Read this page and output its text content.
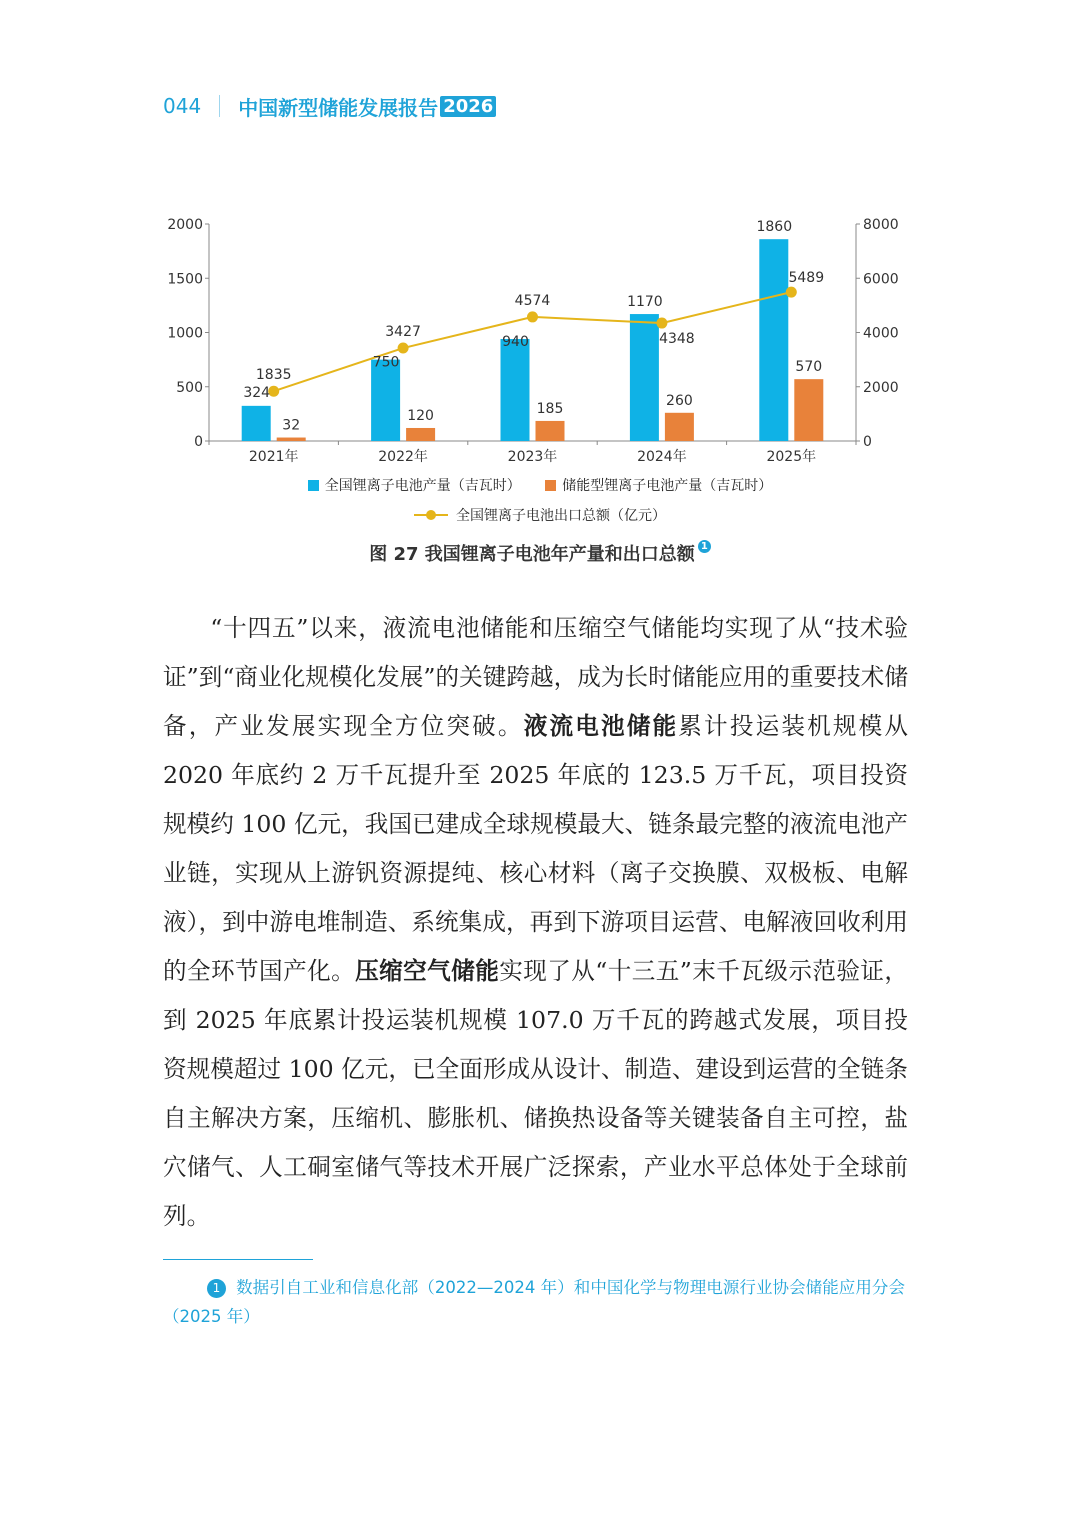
044 中国新型储能发展报告 2026
0
500
1000
1500
2000
0
2000
4000
6000
8000
2021年	2022年	2023年	2024年	2025年
32
120	185
260
570
324
1835
750
3427
940
4574	1170
4348
1860
5489
全国锂离子电池产量（吉瓦时）
	储能型锂离子电池产量（吉瓦时）
全国锂离子电池出口总额（亿元）
图 27 我国锂离子电池年产量和出口总额 1

“十四五”以来，液流电池储能和压缩空气储能均实现了从“技术验证”到“商业化规模化发展”的关键跨越，成为长时储能应用的重要技术储备，产业发展实现全方位突破。液流电池储能累计投运装机规模从 2020 年底约 2 万千瓦提升至 2025 年底的 123.5 万千瓦，项目投资规模约 100 亿元，我国已建成全球规模最大、链条最完整的液流电池产业链，实现从上游钒资源提纯、核心材料（离子交换膜、双极板、电解液），到中游电堆制造、系统集成，再到下游项目运营、电解液回收利用的全环节国产化。压缩空气储能实现了从“十三五”末千瓦级示范验证，到 2025 年底累计投运装机规模 107.0 万千瓦的跨越式发展，项目投资规模超过 100 亿元，已全面形成从设计、制造、建设到运营的全链条自主解决方案，压缩机、膨胀机、储换热设备等关键装备自主可控，盐穴储气、人工硐室储气等技术开展广泛探索，产业水平总体处于全球前列。

1 数据引自工业和信息化部（2022—2024 年）和中国化学与物理电源行业协会储能应用分会（2025 年）
